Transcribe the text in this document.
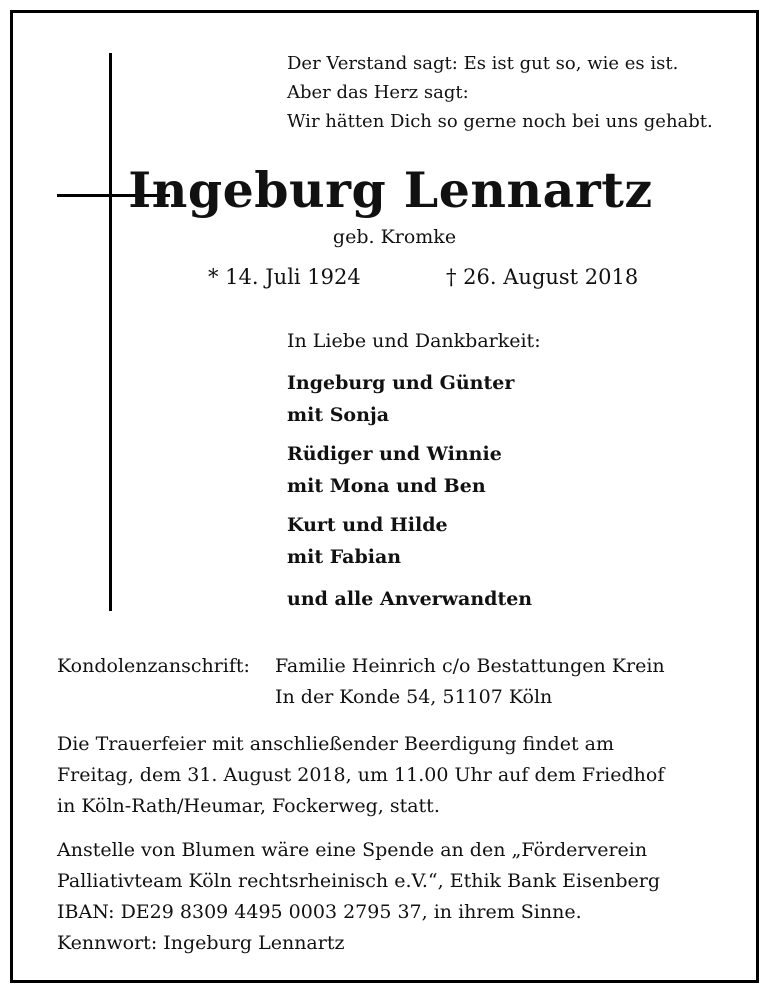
Der Verstand sagt: Es ist gut so, wie es ist.
Aber das Herz sagt:
Wir hätten Dich so gerne noch bei uns gehabt.
Ingeburg Lennartz
geb. Kromke
* 14. Juli 1924	† 26. August 2018
In Liebe und Dankbarkeit:
Ingeburg und Günter
mit Sonja
Rüdiger und Winnie
mit Mona und Ben
Kurt und Hilde
mit Fabian
und alle Anverwandten
Kondolenzanschrift: Familie Heinrich c/o Bestattungen Krein
In der Konde 54, 51107 Köln
Die Trauerfeier mit anschließender Beerdigung findet am
Freitag, dem 31. August 2018, um 11.00 Uhr auf dem Friedhof
in Köln-Rath/Heumar, Fockerweg, statt.
Anstelle von Blumen wäre eine Spende an den „Förderverein
Palliativteam Köln rechtsrheinisch e.V.“, Ethik Bank Eisenberg
IBAN: DE29 8309 4495 0003 2795 37, in ihrem Sinne.
Kennwort: Ingeburg Lennartz
